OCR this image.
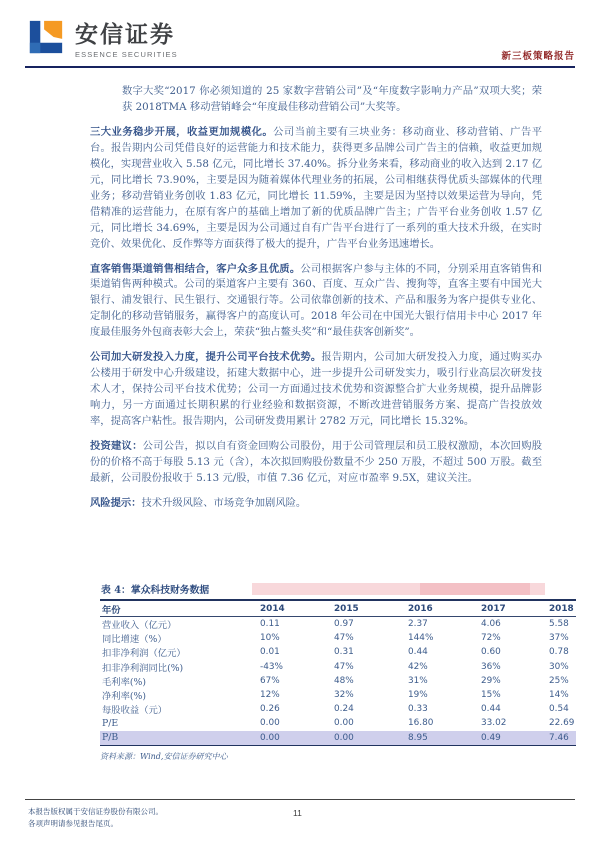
安信证券
ESSENCE SECURITIES	新三板策略报告

数字大奖“2017 你必须知道的 25 家数字营销公司”及“年度数字影响力产品”双项大奖；荣获 2018TMA 移动营销峰会“年度最佳移动营销公司”大奖等。

三大业务稳步开展，收益更加规模化。公司当前主要有三块业务：移动商业、移动营销、广告平台。报告期内公司凭借良好的运营能力和技术能力，获得更多品牌公司广告主的信赖，收益更加规模化，实现营业收入 5.58 亿元，同比增长 37.40%。拆分业务来看，移动商业的收入达到 2.17 亿元，同比增长 73.90%，主要是因为随着媒体代理业务的拓展，公司相继获得优质头部媒体的代理业务；移动营销业务创收 1.83 亿元，同比增长 11.59%，主要是因为坚持以效果运营为导向，凭借精准的运营能力，在原有客户的基础上增加了新的优质品牌广告主；广告平台业务创收 1.57 亿元，同比增长 34.69%，主要是因为公司通过自有广告平台进行了一系列的重大技术升级，在实时竞价、效果优化、反作弊等方面获得了极大的提升，广告平台业务迅速增长。

直客销售渠道销售相结合，客户众多且优质。公司根据客户参与主体的不同，分别采用直客销售和渠道销售两种模式。公司的渠道客户主要有 360、百度、互众广告、搜狗等，直客主要有中国光大银行、浦发银行、民生银行、交通银行等。公司依靠创新的技术、产品和服务为客户提供专业化、定制化的移动营销服务，赢得客户的高度认可。2018 年公司在中国光大银行信用卡中心 2017 年度最佳服务外包商表彰大会上，荣获“独占鳌头奖”和“最佳获客创新奖”。

公司加大研发投入力度，提升公司平台技术优势。报告期内，公司加大研发投入力度，通过购买办公楼用于研发中心升级建设，拓建大数据中心，进一步提升公司研发实力，吸引行业高层次研发技术人才，保持公司平台技术优势；公司一方面通过技术优势和资源整合扩大业务规模，提升品牌影响力，另一方面通过长期积累的行业经验和数据资源，不断改进营销服务方案、提高广告投放效率，提高客户粘性。报告期内，公司研发费用累计 2782 万元，同比增长 15.32%。

投资建议：公司公告，拟以自有资金回购公司股份，用于公司管理层和员工股权激励，本次回购股份的价格不高于每股 5.13 元（含），本次拟回购股份数量不少 250 万股，不超过 500 万股。截至最新，公司股份报收于 5.13 元/股，市值 7.36 亿元，对应市盈率 9.5X，建议关注。

风险提示：技术升级风险、市场竞争加剧风险。

表 4：掌众科技财务数据
年份	2014	2015	2016	2017	2018
营业收入（亿元）	0.11	0.97	2.37	4.06	5.58
同比增速（%）	10%	47%	144%	72%	37%
扣非净利润（亿元）	0.01	0.31	0.44	0.60	0.78
扣非净利润同比(%)	-43%	47%	42%	36%	30%
毛利率(%)	67%	48%	31%	29%	25%
净利率(%)	12%	32%	19%	15%	14%
每股收益（元）	0.26	0.24	0.33	0.44	0.54
P/E	0.00	0.00	16.80	33.02	22.69
P/B	0.00	0.00	8.95	0.49	7.46
资料来源：Wind,安信证券研究中心
本报告版权属于安信证券股份有限公司。
各项声明请参见报告尾页。
11
